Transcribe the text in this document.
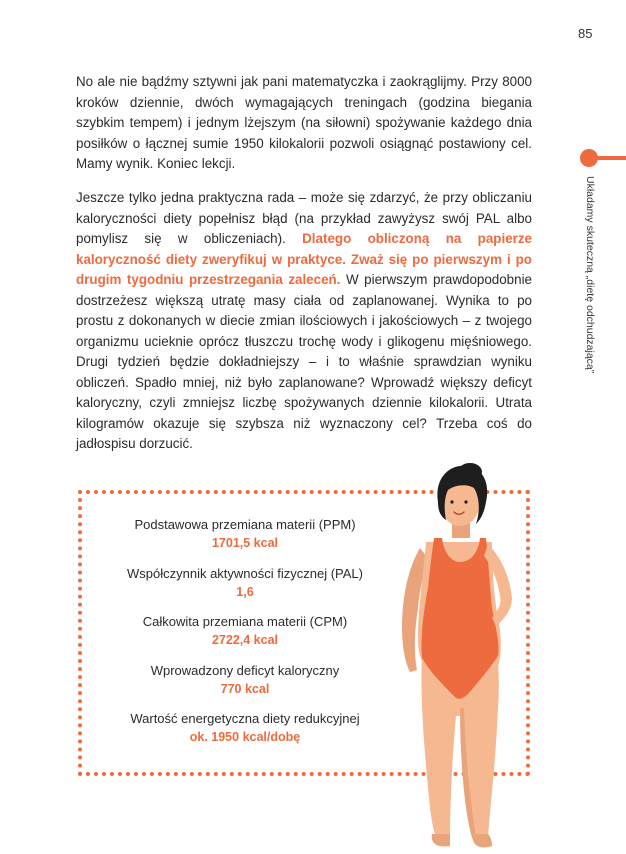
85
Układamy skuteczną „dietę odchudzającą”

No ale nie bądźmy sztywni jak pani matematyczka i zaokrąglijmy. Przy 8000 kroków dziennie, dwóch wymagających treningach (godzina biegania szybkim tempem) i jednym lżejszym (na siłowni) spożywanie każdego dnia posiłków o łącznej sumie 1950 kilokalorii pozwoli osiągnąć postawiony cel. Mamy wynik. Koniec lekcji.

Jeszcze tylko jedna praktyczna rada – może się zdarzyć, że przy obliczaniu kaloryczności diety popełnisz błąd (na przykład zawyżysz swój PAL albo pomylisz się w obliczeniach). Dlatego obliczoną na papierze kaloryczność diety zweryfikuj w praktyce. Zważ się po pierwszym i po drugim tygodniu przestrzegania zaleceń. W pierwszym prawdopodobnie dostrzeżesz większą utratę masy ciała od zaplanowanej. Wynika to po prostu z dokonanych w diecie zmian ilościowych i jakościowych – z twojego organizmu ucieknie oprócz tłuszczu trochę wody i glikogenu mięśniowego. Drugi tydzień będzie dokładniejszy – i to właśnie sprawdzian wyniku obliczeń. Spadło mniej, niż było zaplanowane? Wprowadź większy deficyt kaloryczny, czyli zmniejsz liczbę spożywanych dziennie kilokalorii. Utrata kilogramów okazuje się szybsza niż wyznaczony cel? Trzeba coś do jadłospisu dorzucić.

Podstawowa przemiana materii (PPM)
1701,5 kcal
Współczynnik aktywności fizycznej (PAL)
1,6
Całkowita przemiana materii (CPM)
2722,4 kcal
Wprowadzony deficyt kaloryczny
770 kcal
Wartość energetyczna diety redukcyjnej
ok. 1950 kcal/dobę
